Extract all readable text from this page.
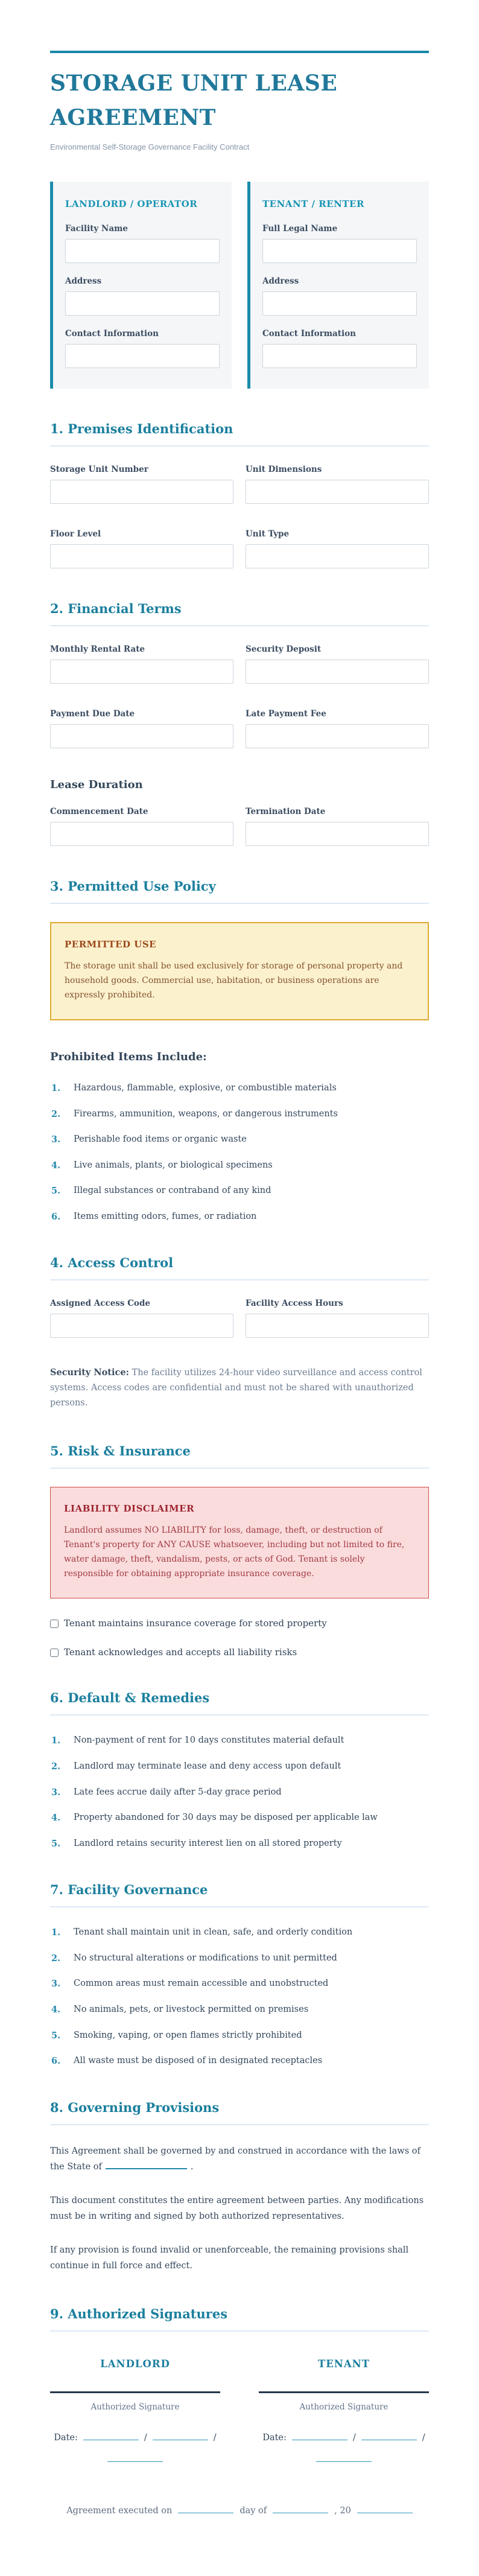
STORAGE UNIT LEASE AGREEMENT

Environmental Self-Storage Governance Facility Contract

LANDLORD / OPERATOR
Facility Name
Address
Contact Information
TENANT / RENTER
Full Legal Name
Address
Contact Information
1. Premises Identification
Storage Unit Number	Unit Dimensions
Floor Level	Unit Type
2. Financial Terms
Monthly Rental Rate	Security Deposit
Payment Due Date	Late Payment Fee
Lease Duration
Commencement Date	Termination Date
3. Permitted Use Policy
PERMITTED USE

The storage unit shall be used exclusively for storage of personal property and household goods. Commercial use, habitation, or business operations are expressly prohibited.

Prohibited Items Include:
Hazardous, flammable, explosive, or combustible materials
Firearms, ammunition, weapons, or dangerous instruments
Perishable food items or organic waste
Live animals, plants, or biological specimens
Illegal substances or contraband of any kind
Items emitting odors, fumes, or radiation
4. Access Control
Assigned Access Code	Facility Access Hours

Security Notice: The facility utilizes 24-hour video surveillance and access control systems. Access codes are confidential and must not be shared with unauthorized persons.

5. Risk & Insurance
LIABILITY DISCLAIMER

Landlord assumes NO LIABILITY for loss, damage, theft, or destruction of Tenant's property for ANY CAUSE whatsoever, including but not limited to fire, water damage, theft, vandalism, pests, or acts of God. Tenant is solely responsible for obtaining appropriate insurance coverage.

Tenant maintains insurance coverage for stored property
Tenant acknowledges and accepts all liability risks
6. Default & Remedies
Non-payment of rent for 10 days constitutes material default
Landlord may terminate lease and deny access upon default
Late fees accrue daily after 5-day grace period
Property abandoned for 30 days may be disposed per applicable law
Landlord retains security interest lien on all stored property
7. Facility Governance
Tenant shall maintain unit in clean, safe, and orderly condition
No structural alterations or modifications to unit permitted
Common areas must remain accessible and unobstructed
No animals, pets, or livestock permitted on premises
Smoking, vaping, or open flames strictly prohibited
All waste must be disposed of in designated receptacles
8. Governing Provisions

This Agreement shall be governed by and construed in accordance with the laws of the State of	.

This document constitutes the entire agreement between parties. Any modifications must be in writing and signed by both authorized representatives.

If any provision is found invalid or unenforceable, the remaining provisions shall continue in full force and effect.

9. Authorized Signatures
LANDLORD
Authorized Signature
Date:	/	/
TENANT
Authorized Signature
Date:	/	/
Agreement executed on	day of	, 20
